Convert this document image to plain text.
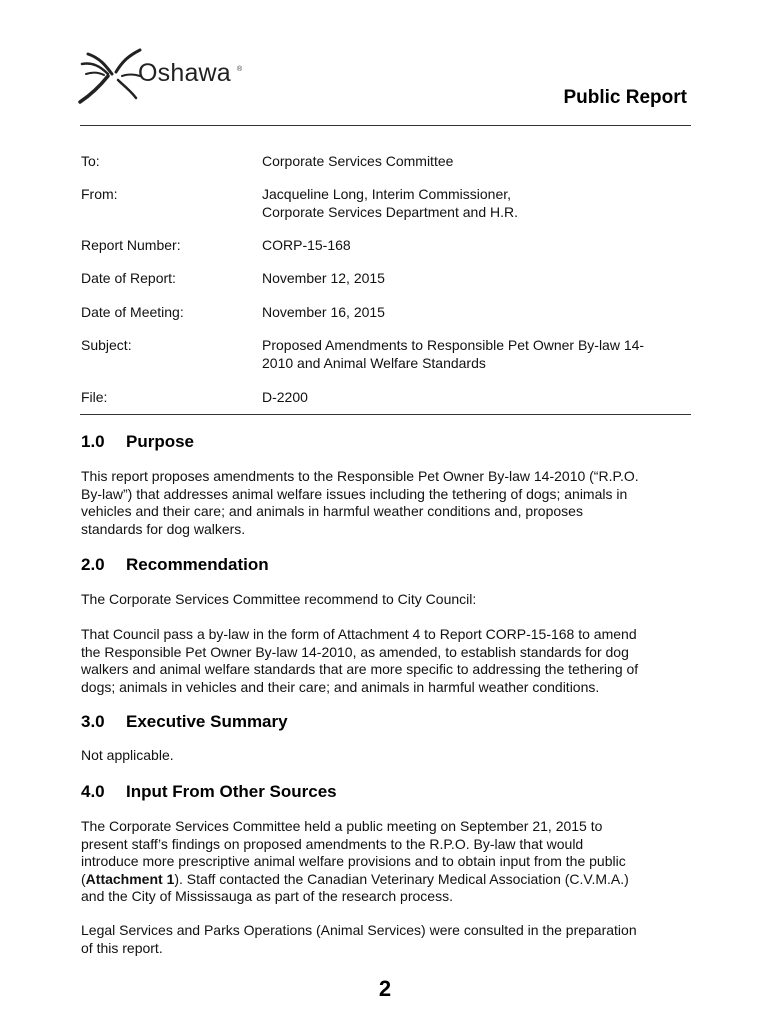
Oshawa ®
Public Report
To:	Corporate Services Committee
From:	Jacqueline Long, Interim Commissioner,
Corporate Services Department and H.R.
Report Number:	CORP-15-168
Date of Report:	November 12, 2015
Date of Meeting:	November 16, 2015
Subject:	Proposed Amendments to Responsible Pet Owner By-law 14-
2010 and Animal Welfare Standards
File:	D-2200
1.0 Purpose
This report proposes amendments to the Responsible Pet Owner By-law 14-2010 (“R.P.O.
By-law”) that addresses animal welfare issues including the tethering of dogs; animals in
vehicles and their care; and animals in harmful weather conditions and, proposes
standards for dog walkers.
2.0 Recommendation
The Corporate Services Committee recommend to City Council:
That Council pass a by-law in the form of Attachment 4 to Report CORP-15-168 to amend
the Responsible Pet Owner By-law 14-2010, as amended, to establish standards for dog
walkers and animal welfare standards that are more specific to addressing the tethering of
dogs; animals in vehicles and their care; and animals in harmful weather conditions.
3.0 Executive Summary
Not applicable.
4.0 Input From Other Sources
The Corporate Services Committee held a public meeting on September 21, 2015 to
present staff’s findings on proposed amendments to the R.P.O. By-law that would
introduce more prescriptive animal welfare provisions and to obtain input from the public
(Attachment 1). Staff contacted the Canadian Veterinary Medical Association (C.V.M.A.)
and the City of Mississauga as part of the research process.
Legal Services and Parks Operations (Animal Services) were consulted in the preparation
of this report.
2
